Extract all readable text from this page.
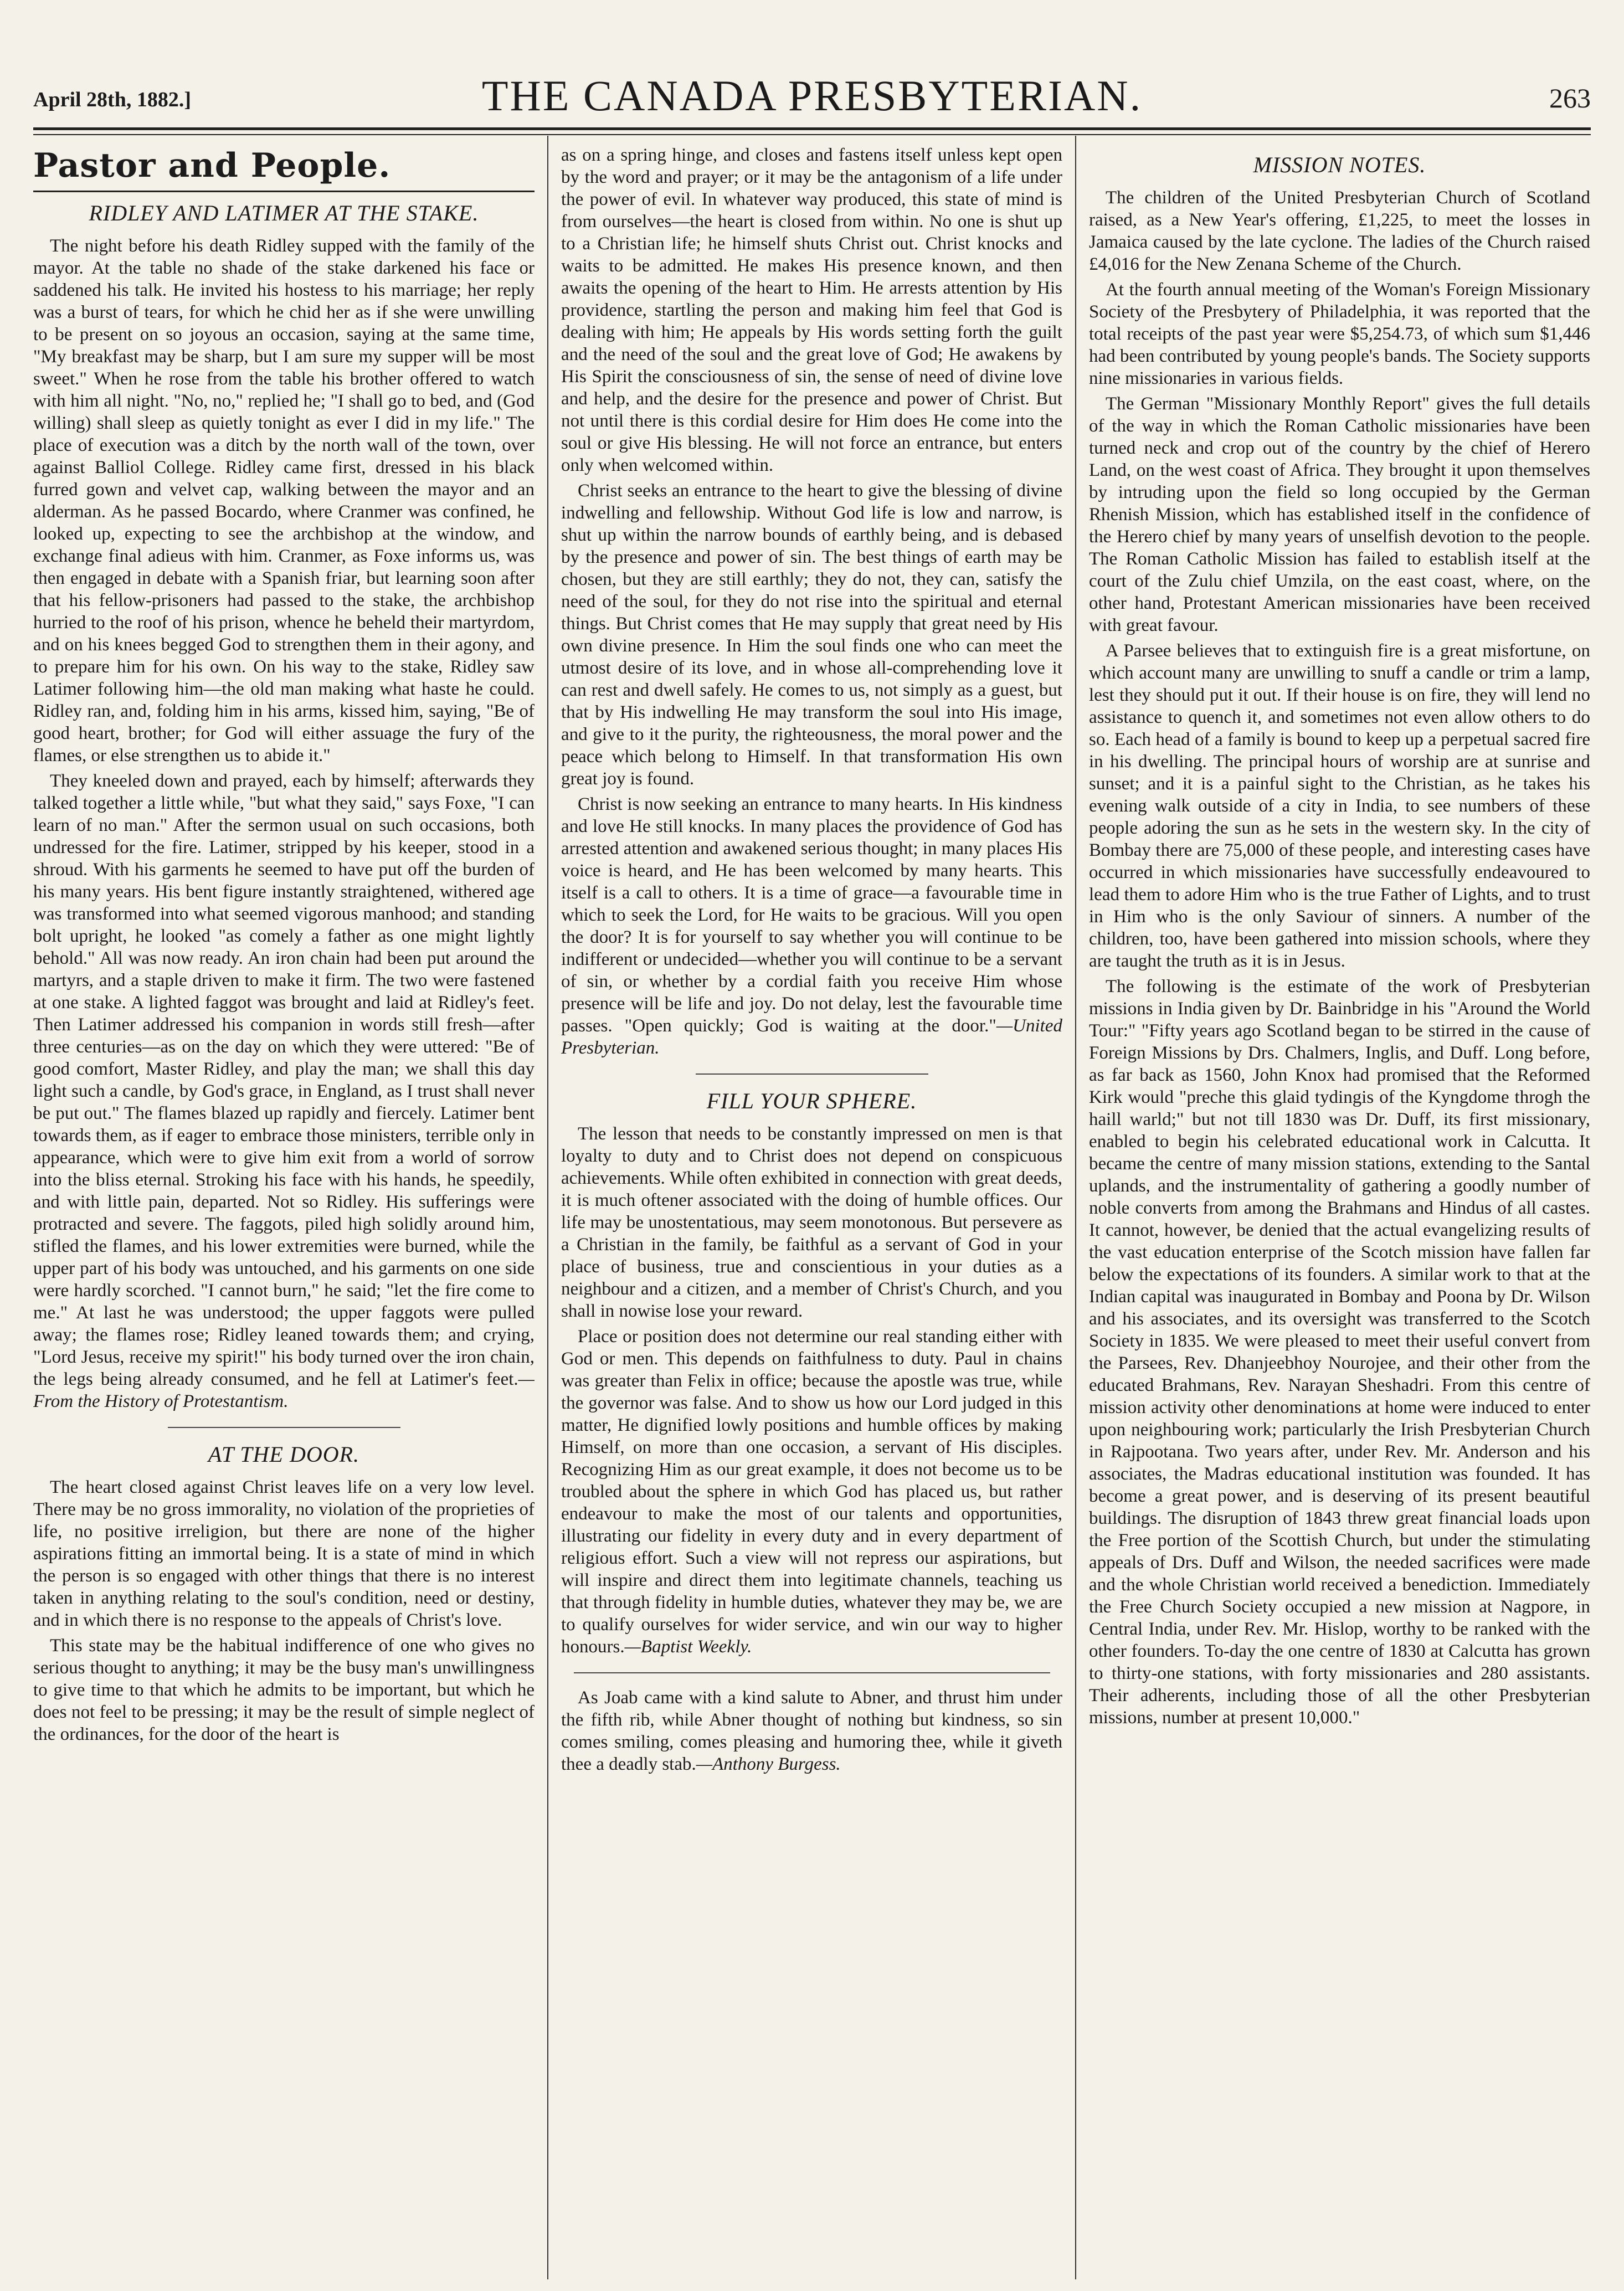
April 28th, 1882.]	THE CANADA PRESBYTERIAN.	263
Pastor and People.
RIDLEY AND LATIMER AT THE STAKE.

The night before his death Ridley supped with the family of the mayor. At the table no shade of the stake darkened his face or saddened his talk. He invited his hostess to his marriage; her reply was a burst of tears, for which he chid her as if she were unwilling to be present on so joyous an occasion, saying at the same time, "My breakfast may be sharp, but I am sure my supper will be most sweet." When he rose from the table his brother offered to watch with him all night. "No, no," replied he; "I shall go to bed, and (God willing) shall sleep as quietly tonight as ever I did in my life." The place of execution was a ditch by the north wall of the town, over against Balliol College. Ridley came first, dressed in his black furred gown and velvet cap, walking between the mayor and an alderman. As he passed Bocardo, where Cranmer was confined, he looked up, expecting to see the archbishop at the window, and exchange final adieus with him. Cranmer, as Foxe informs us, was then engaged in debate with a Spanish friar, but learning soon after that his fellow-prisoners had passed to the stake, the archbishop hurried to the roof of his prison, whence he beheld their martyrdom, and on his knees begged God to strengthen them in their agony, and to prepare him for his own. On his way to the stake, Ridley saw Latimer following him—the old man making what haste he could. Ridley ran, and, folding him in his arms, kissed him, saying, "Be of good heart, brother; for God will either assuage the fury of the flames, or else strengthen us to abide it."

They kneeled down and prayed, each by himself; afterwards they talked together a little while, "but what they said," says Foxe, "I can learn of no man." After the sermon usual on such occasions, both undressed for the fire. Latimer, stripped by his keeper, stood in a shroud. With his garments he seemed to have put off the burden of his many years. His bent figure instantly straightened, withered age was transformed into what seemed vigorous manhood; and standing bolt upright, he looked "as comely a father as one might lightly behold." All was now ready. An iron chain had been put around the martyrs, and a staple driven to make it firm. The two were fastened at one stake. A lighted faggot was brought and laid at Ridley's feet. Then Latimer addressed his companion in words still fresh—after three centuries—as on the day on which they were uttered: "Be of good comfort, Master Ridley, and play the man; we shall this day light such a candle, by God's grace, in England, as I trust shall never be put out." The flames blazed up rapidly and fiercely. Latimer bent towards them, as if eager to embrace those ministers, terrible only in appearance, which were to give him exit from a world of sorrow into the bliss eternal. Stroking his face with his hands, he speedily, and with little pain, departed. Not so Ridley. His sufferings were protracted and severe. The faggots, piled high solidly around him, stifled the flames, and his lower extremities were burned, while the upper part of his body was untouched, and his garments on one side were hardly scorched. "I cannot burn," he said; "let the fire come to me." At last he was understood; the upper faggots were pulled away; the flames rose; Ridley leaned towards them; and crying, "Lord Jesus, receive my spirit!" his body turned over the iron chain, the legs being already consumed, and he fell at Latimer's feet.—From the History of Protestantism.

AT THE DOOR.

The heart closed against Christ leaves life on a very low level. There may be no gross immorality, no violation of the proprieties of life, no positive irreligion, but there are none of the higher aspirations fitting an immortal being. It is a state of mind in which the person is so engaged with other things that there is no interest taken in anything relating to the soul's condition, need or destiny, and in which there is no response to the appeals of Christ's love.

This state may be the habitual indifference of one who gives no serious thought to anything; it may be the busy man's unwillingness to give time to that which he admits to be important, but which he does not feel to be pressing; it may be the result of simple neglect of the ordinances, for the door of the heart is

as on a spring hinge, and closes and fastens itself unless kept open by the word and prayer; or it may be the antagonism of a life under the power of evil. In whatever way produced, this state of mind is from ourselves—the heart is closed from within. No one is shut up to a Christian life; he himself shuts Christ out. Christ knocks and waits to be admitted. He makes His presence known, and then awaits the opening of the heart to Him. He arrests attention by His providence, startling the person and making him feel that God is dealing with him; He appeals by His words setting forth the guilt and the need of the soul and the great love of God; He awakens by His Spirit the consciousness of sin, the sense of need of divine love and help, and the desire for the presence and power of Christ. But not until there is this cordial desire for Him does He come into the soul or give His blessing. He will not force an entrance, but enters only when welcomed within.

Christ seeks an entrance to the heart to give the blessing of divine indwelling and fellowship. Without God life is low and narrow, is shut up within the narrow bounds of earthly being, and is debased by the presence and power of sin. The best things of earth may be chosen, but they are still earthly; they do not, they can, satisfy the need of the soul, for they do not rise into the spiritual and eternal things. But Christ comes that He may supply that great need by His own divine presence. In Him the soul finds one who can meet the utmost desire of its love, and in whose all-comprehending love it can rest and dwell safely. He comes to us, not simply as a guest, but that by His indwelling He may transform the soul into His image, and give to it the purity, the righteousness, the moral power and the peace which belong to Himself. In that transformation His own great joy is found.

Christ is now seeking an entrance to many hearts. In His kindness and love He still knocks. In many places the providence of God has arrested attention and awakened serious thought; in many places His voice is heard, and He has been welcomed by many hearts. This itself is a call to others. It is a time of grace—a favourable time in which to seek the Lord, for He waits to be gracious. Will you open the door? It is for yourself to say whether you will continue to be indifferent or undecided—whether you will continue to be a servant of sin, or whether by a cordial faith you receive Him whose presence will be life and joy. Do not delay, lest the favourable time passes. "Open quickly; God is waiting at the door."—United Presbyterian.

FILL YOUR SPHERE.

The lesson that needs to be constantly impressed on men is that loyalty to duty and to Christ does not depend on conspicuous achievements. While often exhibited in connection with great deeds, it is much oftener associated with the doing of humble offices. Our life may be unostentatious, may seem monotonous. But persevere as a Christian in the family, be faithful as a servant of God in your place of business, true and conscientious in your duties as a neighbour and a citizen, and a member of Christ's Church, and you shall in nowise lose your reward.

Place or position does not determine our real standing either with God or men. This depends on faithfulness to duty. Paul in chains was greater than Felix in office; because the apostle was true, while the governor was false. And to show us how our Lord judged in this matter, He dignified lowly positions and humble offices by making Himself, on more than one occasion, a servant of His disciples. Recognizing Him as our great example, it does not become us to be troubled about the sphere in which God has placed us, but rather endeavour to make the most of our talents and opportunities, illustrating our fidelity in every duty and in every department of religious effort. Such a view will not repress our aspirations, but will inspire and direct them into legitimate channels, teaching us that through fidelity in humble duties, whatever they may be, we are to qualify ourselves for wider service, and win our way to higher honours.—Baptist Weekly.

As Joab came with a kind salute to Abner, and thrust him under the fifth rib, while Abner thought of nothing but kindness, so sin comes smiling, comes pleasing and humoring thee, while it giveth thee a deadly stab.—Anthony Burgess.

MISSION NOTES.

The children of the United Presbyterian Church of Scotland raised, as a New Year's offering, £1,225, to meet the losses in Jamaica caused by the late cyclone. The ladies of the Church raised £4,016 for the New Zenana Scheme of the Church.

At the fourth annual meeting of the Woman's Foreign Missionary Society of the Presbytery of Philadelphia, it was reported that the total receipts of the past year were $5,254.73, of which sum $1,446 had been contributed by young people's bands. The Society supports nine missionaries in various fields.

The German "Missionary Monthly Report" gives the full details of the way in which the Roman Catholic missionaries have been turned neck and crop out of the country by the chief of Herero Land, on the west coast of Africa. They brought it upon themselves by intruding upon the field so long occupied by the German Rhenish Mission, which has established itself in the confidence of the Herero chief by many years of unselfish devotion to the people. The Roman Catholic Mission has failed to establish itself at the court of the Zulu chief Umzila, on the east coast, where, on the other hand, Protestant American missionaries have been received with great favour.

A Parsee believes that to extinguish fire is a great misfortune, on which account many are unwilling to snuff a candle or trim a lamp, lest they should put it out. If their house is on fire, they will lend no assistance to quench it, and sometimes not even allow others to do so. Each head of a family is bound to keep up a perpetual sacred fire in his dwelling. The principal hours of worship are at sunrise and sunset; and it is a painful sight to the Christian, as he takes his evening walk outside of a city in India, to see numbers of these people adoring the sun as he sets in the western sky. In the city of Bombay there are 75,000 of these people, and interesting cases have occurred in which missionaries have successfully endeavoured to lead them to adore Him who is the true Father of Lights, and to trust in Him who is the only Saviour of sinners. A number of the children, too, have been gathered into mission schools, where they are taught the truth as it is in Jesus.

The following is the estimate of the work of Presbyterian missions in India given by Dr. Bainbridge in his "Around the World Tour:" "Fifty years ago Scotland began to be stirred in the cause of Foreign Missions by Drs. Chalmers, Inglis, and Duff. Long before, as far back as 1560, John Knox had promised that the Reformed Kirk would "preche this glaid tydingis of the Kyngdome throgh the haill warld;" but not till 1830 was Dr. Duff, its first missionary, enabled to begin his celebrated educational work in Calcutta. It became the centre of many mission stations, extending to the Santal uplands, and the instrumentality of gathering a goodly number of noble converts from among the Brahmans and Hindus of all castes. It cannot, however, be denied that the actual evangelizing results of the vast education enterprise of the Scotch mission have fallen far below the expectations of its founders. A similar work to that at the Indian capital was inaugurated in Bombay and Poona by Dr. Wilson and his associates, and its oversight was transferred to the Scotch Society in 1835. We were pleased to meet their useful convert from the Parsees, Rev. Dhanjeebhoy Nourojee, and their other from the educated Brahmans, Rev. Narayan Sheshadri. From this centre of mission activity other denominations at home were induced to enter upon neighbouring work; particularly the Irish Presbyterian Church in Rajpootana. Two years after, under Rev. Mr. Anderson and his associates, the Madras educational institution was founded. It has become a great power, and is deserving of its present beautiful buildings. The disruption of 1843 threw great financial loads upon the Free portion of the Scottish Church, but under the stimulating appeals of Drs. Duff and Wilson, the needed sacrifices were made and the whole Christian world received a benediction. Immediately the Free Church Society occupied a new mission at Nagpore, in Central India, under Rev. Mr. Hislop, worthy to be ranked with the other founders. To-day the one centre of 1830 at Calcutta has grown to thirty-one stations, with forty missionaries and 280 assistants. Their adherents, including those of all the other Presbyterian missions, number at present 10,000."
